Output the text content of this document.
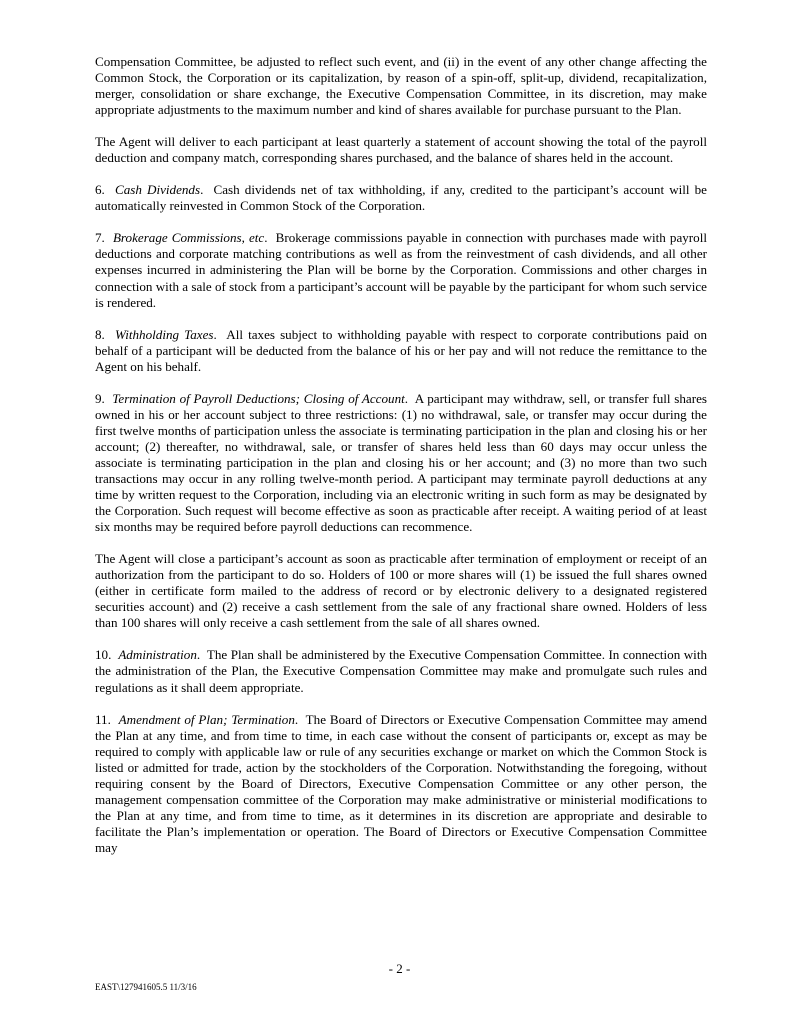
Compensation Committee, be adjusted to reflect such event, and (ii) in the event of any other change affecting the Common Stock, the Corporation or its capitalization, by reason of a spin-off, split-up, dividend, recapitalization, merger, consolidation or share exchange, the Executive Compensation Committee, in its discretion, may make appropriate adjustments to the maximum number and kind of shares available for purchase pursuant to the Plan.

The Agent will deliver to each participant at least quarterly a statement of account showing the total of the payroll deduction and company match, corresponding shares purchased, and the balance of shares held in the account.

6. Cash Dividends.  Cash dividends net of tax withholding, if any, credited to the participant’s account will be automatically reinvested in Common Stock of the Corporation.

7. Brokerage Commissions, etc.  Brokerage commissions payable in connection with purchases made with payroll deductions and corporate matching contributions as well as from the reinvestment of cash dividends, and all other expenses incurred in administering the Plan will be borne by the Corporation. Commissions and other charges in connection with a sale of stock from a participant’s account will be payable by the participant for whom such service is rendered.

8. Withholding Taxes.  All taxes subject to withholding payable with respect to corporate contributions paid on behalf of a participant will be deducted from the balance of his or her pay and will not reduce the remittance to the Agent on his behalf.

9. Termination of Payroll Deductions; Closing of Account.  A participant may withdraw, sell, or transfer full shares owned in his or her account subject to three restrictions: (1) no withdrawal, sale, or transfer may occur during the first twelve months of participation unless the associate is terminating participation in the plan and closing his or her account; (2) thereafter, no withdrawal, sale, or transfer of shares held less than 60 days may occur unless the associate is terminating participation in the plan and closing his or her account; and (3) no more than two such transactions may occur in any rolling twelve-month period. A participant may terminate payroll deductions at any time by written request to the Corporation, including via an electronic writing in such form as may be designated by the Corporation. Such request will become effective as soon as practicable after receipt. A waiting period of at least six months may be required before payroll deductions can recommence.

The Agent will close a participant’s account as soon as practicable after termination of employment or receipt of an authorization from the participant to do so. Holders of 100 or more shares will (1) be issued the full shares owned (either in certificate form mailed to the address of record or by electronic delivery to a designated registered securities account) and (2) receive a cash settlement from the sale of any fractional share owned. Holders of less than 100 shares will only receive a cash settlement from the sale of all shares owned.

10. Administration.  The Plan shall be administered by the Executive Compensation Committee. In connection with the administration of the Plan, the Executive Compensation Committee may make and promulgate such rules and regulations as it shall deem appropriate.

11. Amendment of Plan; Termination.  The Board of Directors or Executive Compensation Committee may amend the Plan at any time, and from time to time, in each case without the consent of participants or, except as may be required to comply with applicable law or rule of any securities exchange or market on which the Common Stock is listed or admitted for trade, action by the stockholders of the Corporation. Notwithstanding the foregoing, without requiring consent by the Board of Directors, Executive Compensation Committee or any other person, the management compensation committee of the Corporation may make administrative or ministerial modifications to the Plan at any time, and from time to time, as it determines in its discretion are appropriate and desirable to facilitate the Plan’s implementation or operation. The Board of Directors or Executive Compensation Committee may

- 2 -
EAST\127941605.5 11/3/16
